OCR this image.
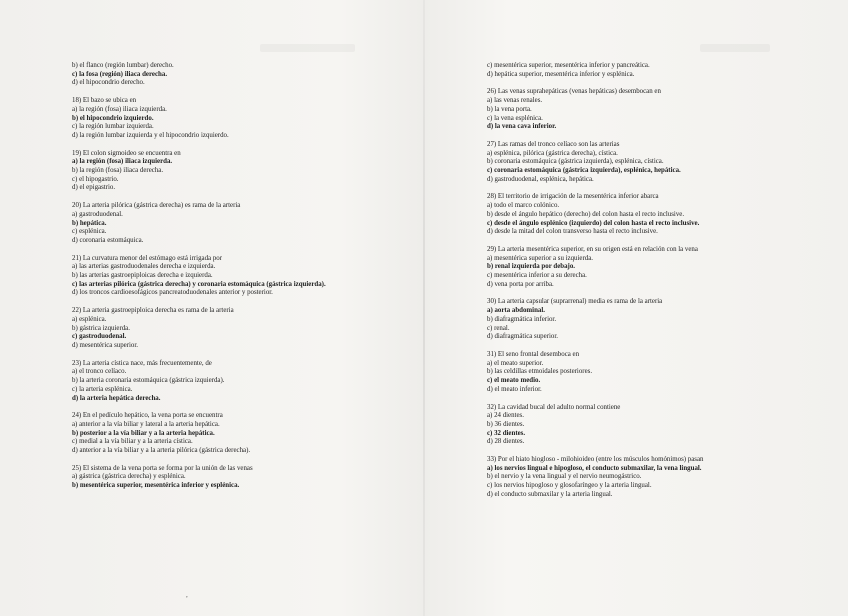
b) el flanco (región lumbar) derecho.

c) la fosa (región) iliaca derecha.

d) el hipocondrio derecho.

18) El bazo se ubica en

a) la región (fosa) iliaca izquierda.

b) el hipocondrio izquierdo.

c) la región lumbar izquierda.

d) la región lumbar izquierda y el hipocondrio izquierdo.

19) El colon sigmoideo se encuentra en

a) la región (fosa) iliaca izquierda.

b) la región (fosa) iliaca derecha.

c) el hipogastrio.

d) el epigastrio.

20) La arteria pilórica (gástrica derecha) es rama de la arteria

a) gastroduodenal.

b) hepática.

c) esplénica.

d) coronaria estomáquica.

21) La curvatura menor del estómago está irrigada por

a) las arterias gastroduodenales derecha e izquierda.

b) las arterias gastroepiploicas derecha e izquierda.

c) las arterias pilórica (gástrica derecha) y coronaria estomáquica (gástrica izquierda).

d) los troncos cardioesofágicos pancreatoduodenales anterior y posterior.

22) La arteria gastroepiploica derecha es rama de la arteria

a) esplénica.

b) gástrica izquierda.

c) gastroduodenal.

d) mesentérica superior.

23) La arteria cística nace, más frecuentemente, de

a) el tronco celíaco.

b) la arteria coronaria estomáquica (gástrica izquierda).

c) la arteria esplénica.

d) la arteria hepática derecha.

24) En el pedículo hepático, la vena porta se encuentra

a) anterior a la vía biliar y lateral a la arteria hepática.

b) posterior a la vía biliar y a la arteria hepática.

c) medial a la vía biliar y a la arteria cística.

d) anterior a la vía biliar y a la arteria pilórica (gástrica derecha).

25) El sistema de la vena porta se forma por la unión de las venas

a) gástrica (gástrica derecha) y esplénica.

b) mesentérica superior, mesentérica inferior y esplénica.

c) mesentérica superior, mesentérica inferior y pancreática.

d) hepática superior, mesentérica inferior y esplénica.

26) Las venas suprahepáticas (venas hepáticas) desembocan en

a) las venas renales.

b) la vena porta.

c) la vena esplénica.

d) la vena cava inferior.

27) Las ramas del tronco celíaco son las arterias

a) esplénica, pilórica (gástrica derecha), cística.

b) coronaria estomáquica (gástrica izquierda), esplénica, cística.

c) coronaria estomáquica (gástrica izquierda), esplénica, hepática.

d) gastroduodenal, esplénica, hepática.

28) El territorio de irrigación de la mesentérica inferior abarca

a) todo el marco colónico.

b) desde el ángulo hepático (derecho) del colon hasta el recto inclusive.

c) desde el ángulo esplénico (izquierdo) del colon hasta el recto inclusive.

d) desde la mitad del colon transverso hasta el recto inclusive.

29) La arteria mesentérica superior, en su origen está en relación con la vena

a) mesentérica superior a su izquierda.

b) renal izquierda por debajo.

c) mesentérica inferior a su derecha.

d) vena porta por arriba.

30) La arteria capsular (suprarrenal) media es rama de la arteria

a) aorta abdominal.

b) diafragmática inferior.

c) renal.

d) diafragmática superior.

31) El seno frontal desemboca en

a) el meato superior.

b) las celdillas etmoidales posteriores.

c) el meato medio.

d) el meato inferior.

32) La cavidad bucal del adulto normal contiene

a) 24 dientes.

b) 36 dientes.

c) 32 dientes.

d) 28 dientes.

33) Por el hiato hiogloso - milohioideo (entre los músculos homónimos) pasan

a) los nervios lingual e hipogloso, el conducto submaxilar, la vena lingual.

b) el nervio y la vena lingual y el nervio neumogástrico.

c) los nervios hipogloso y glosofaríngeo y la arteria lingual.

d) el conducto submaxilar y la arteria lingual.

,
